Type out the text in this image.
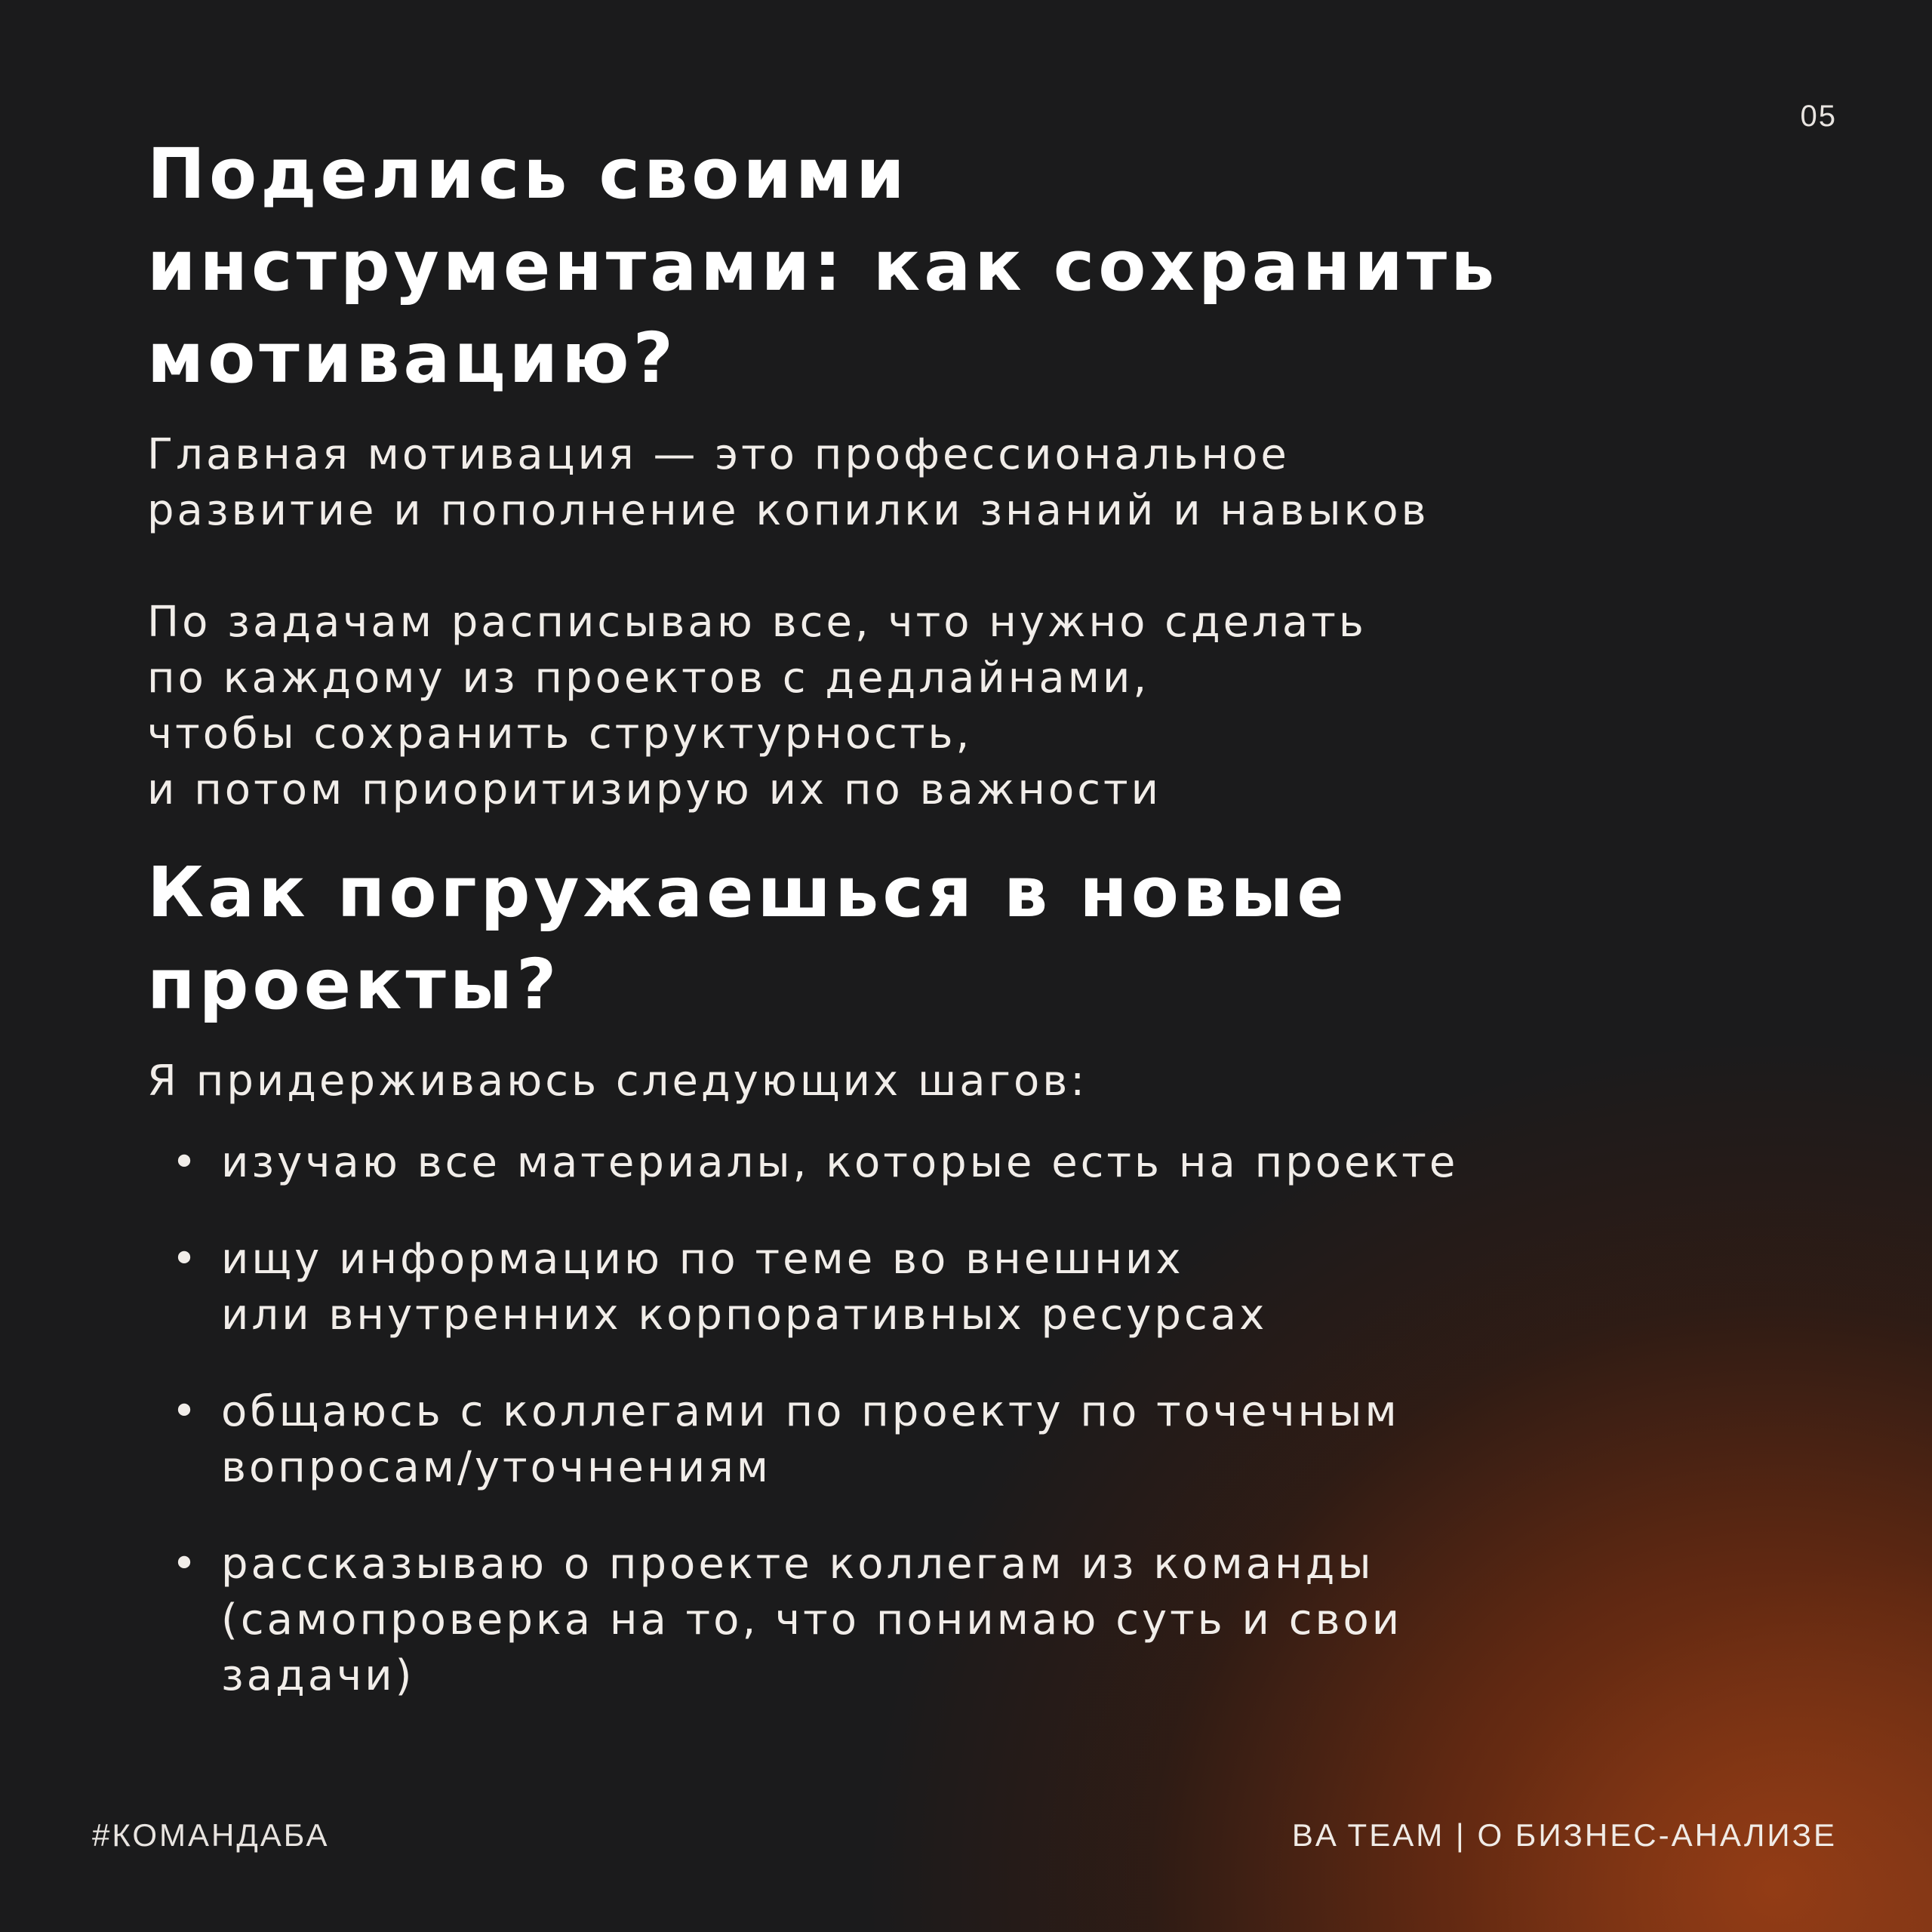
05
Поделись своими
инструментами: как сохранить
мотивацию?

Главная мотивация — это профессиональное
развитие и пополнение копилки знаний и навыков

По задачам расписываю все, что нужно сделать
по каждому из проектов с дедлайнами,
чтобы сохранить структурность,
и потом приоритизирую их по важности

Как погружаешься в новые
проекты?

Я придерживаюсь следующих шагов:

• изучаю все материалы, которые есть на проекте
• ищу информацию по теме во внешних
или внутренних корпоративных ресурсах
• общаюсь с коллегами по проекту по точечным
вопросам/уточнениям
• рассказываю о проекте коллегам из команды
(самопроверка на то, что понимаю суть и свои
задачи)
#КОМАНДАБА	BA TEAM | О БИЗНЕС-АНАЛИЗЕ
